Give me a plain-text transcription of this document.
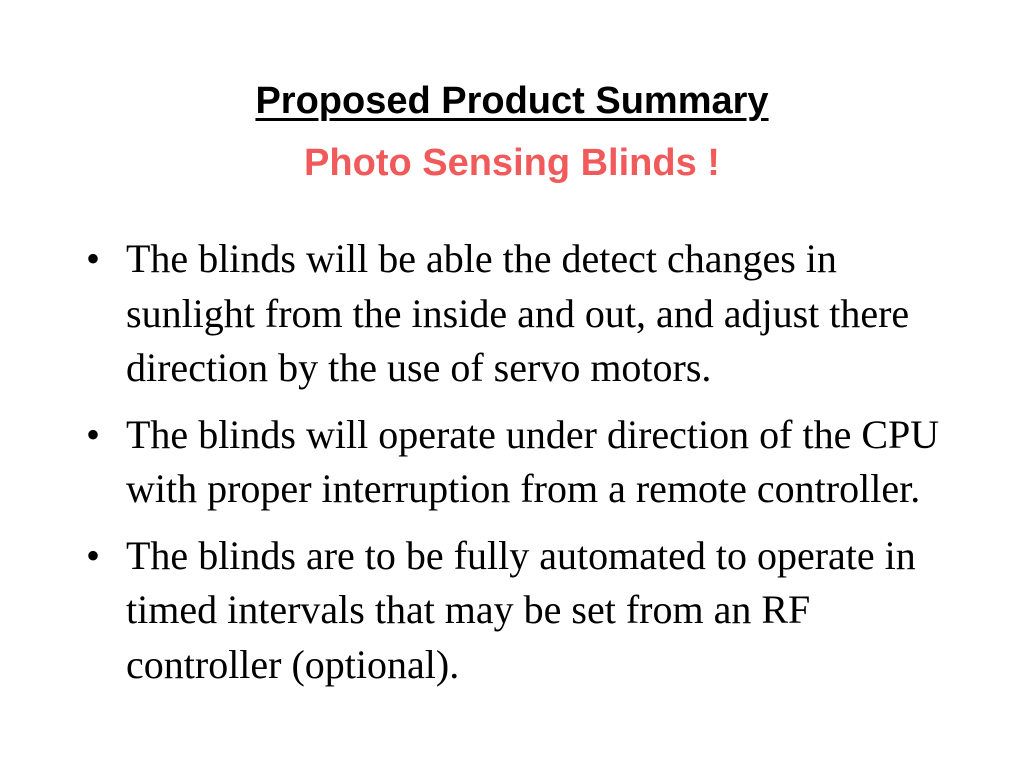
Proposed Product Summary
Photo Sensing Blinds !
• The blinds will be able the detect changes in sunlight from the inside and out, and adjust there direction by the use of servo motors.
• The blinds will operate under direction of the CPU with proper interruption from a remote controller.
• The blinds are to be fully automated to operate in timed intervals that may be set from an RF controller (optional).
